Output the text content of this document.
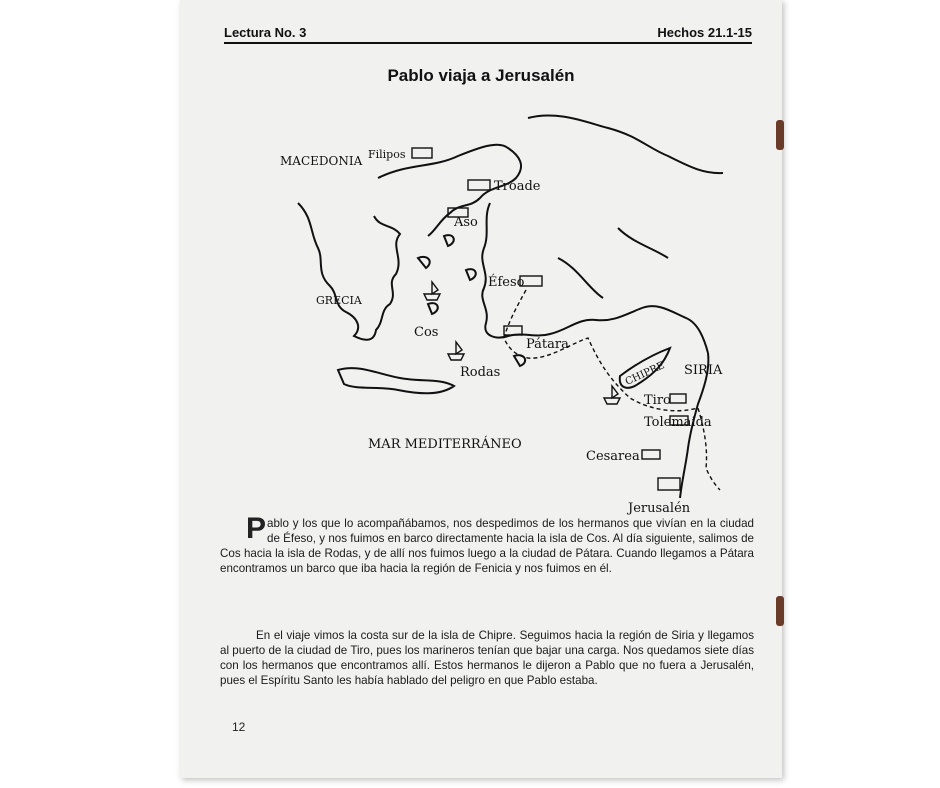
Lectura No. 3	Hechos 21.1-15
Pablo viaja a Jerusalén
MACEDONIA Filipos
Tróade
Aso
GRECIA
Éfeso
Cos
Pátara
Rodas	CHIPRE SIRIA
Tiro
Tolemaida
Cesarea
Jerusalén
MAR MEDITERRÁNEO

Pablo y los que lo acompañábamos, nos despedimos de los hermanos que vivían en la ciudad de Éfeso, y nos fuimos en barco directamente hacia la isla de Cos. Al día siguiente, salimos de Cos hacia la isla de Rodas, y de allí nos fuimos luego a la ciudad de Pátara. Cuando llegamos a Pátara encontramos un barco que iba hacia la región de Fenicia y nos fuimos en él.

En el viaje vimos la costa sur de la isla de Chipre. Seguimos hacia la región de Siria y llegamos al puerto de la ciudad de Tiro, pues los marineros tenían que bajar una carga. Nos quedamos siete días con los hermanos que encontramos allí. Estos hermanos le dijeron a Pablo que no fuera a Jerusalén, pues el Espíritu Santo les había hablado del peligro en que Pablo estaba.

12
